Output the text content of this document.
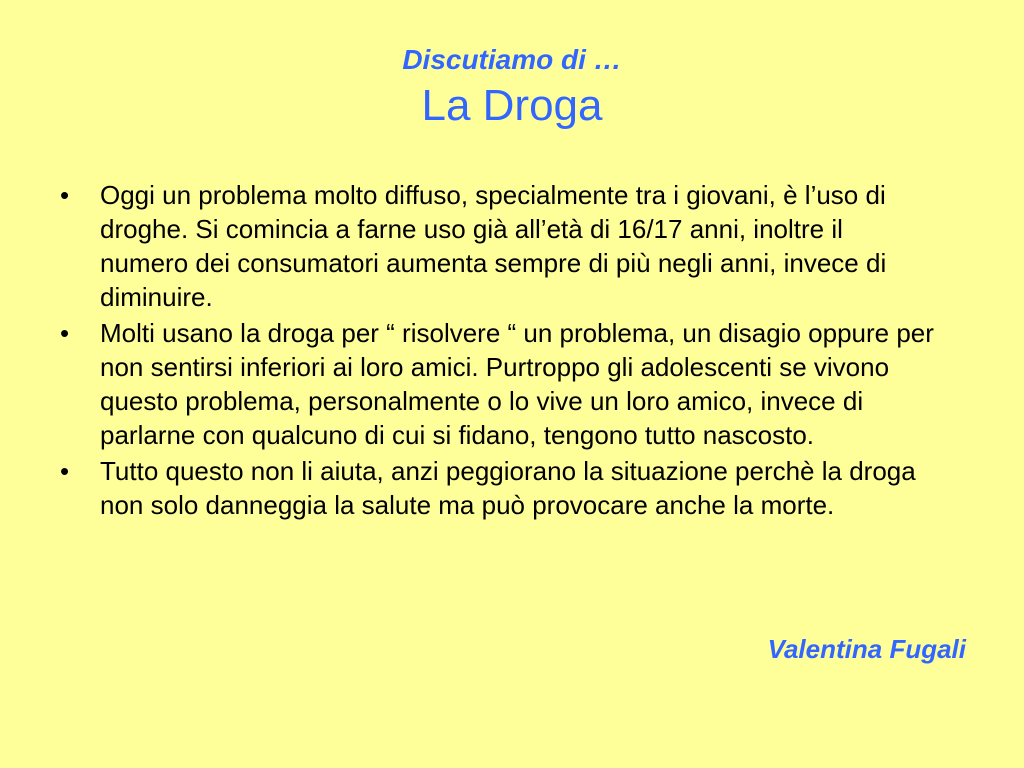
Discutiamo di …
La Droga
• Oggi un problema molto diffuso, specialmente tra i giovani, è l’uso di droghe. Si comincia a farne uso già all’età di 16/17 anni, inoltre il numero dei consumatori aumenta sempre di più negli anni, invece di diminuire.
• Molti usano la droga per “ risolvere “ un problema, un disagio oppure per non sentirsi inferiori ai loro amici. Purtroppo gli adolescenti se vivono questo problema, personalmente o lo vive un loro amico, invece di parlarne con qualcuno di cui si fidano, tengono tutto nascosto.
• Tutto questo non li aiuta, anzi peggiorano la situazione perchè la droga non solo danneggia la salute ma può provocare anche la morte.
Valentina Fugali
